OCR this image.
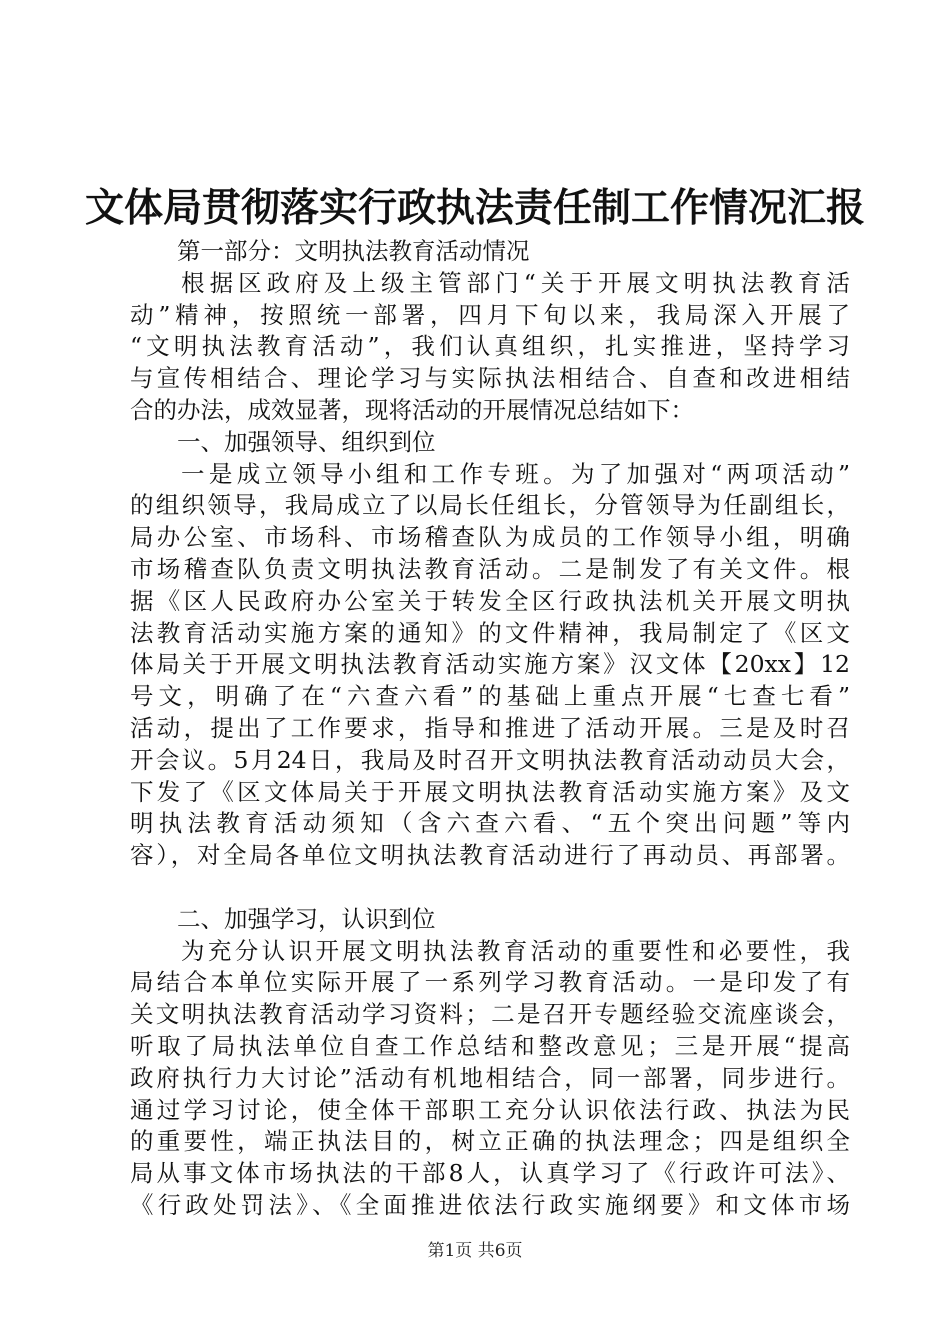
文体局贯彻落实行政执法责任制工作情况汇报
第一部分：文明执法教育活动情况
根据区政府及上级主管部门“关于开展文明执法教育活
动”精神，按照统一部署，四月下旬以来，我局深入开展了
“文明执法教育活动”，我们认真组织，扎实推进，坚持学习
与宣传相结合、理论学习与实际执法相结合、自查和改进相结
合的办法，成效显著，现将活动的开展情况总结如下：
一、加强领导、组织到位
一是成立领导小组和工作专班。为了加强对“两项活动”
的组织领导，我局成立了以局长任组长，分管领导为任副组长，
局办公室、市场科、市场稽查队为成员的工作领导小组，明确
市场稽查队负责文明执法教育活动。二是制发了有关文件。根
据《区人民政府办公室关于转发全区行政执法机关开展文明执
法教育活动实施方案的通知》的文件精神，我局制定了《区文
体局关于开展文明执法教育活动实施方案》汉文体【20xx】12
号文，明确了在“六查六看”的基础上重点开展“七查七看”
活动，提出了工作要求，指导和推进了活动开展。三是及时召
开会议。5月24日，我局及时召开文明执法教育活动动员大会，
下发了《区文体局关于开展文明执法教育活动实施方案》及文
明执法教育活动须知（含六查六看、“五个突出问题”等内
容），对全局各单位文明执法教育活动进行了再动员、再部署。
二、加强学习，认识到位
为充分认识开展文明执法教育活动的重要性和必要性，我
局结合本单位实际开展了一系列学习教育活动。一是印发了有
关文明执法教育活动学习资料；二是召开专题经验交流座谈会，
听取了局执法单位自查工作总结和整改意见；三是开展“提高
政府执行力大讨论”活动有机地相结合，同一部署，同步进行。
通过学习讨论，使全体干部职工充分认识依法行政、执法为民
的重要性，端正执法目的，树立正确的执法理念；四是组织全
局从事文体市场执法的干部8人，认真学习了《行政许可法》、
《行政处罚法》、《全面推进依法行政实施纲要》和文体市场
第1页 共6页
